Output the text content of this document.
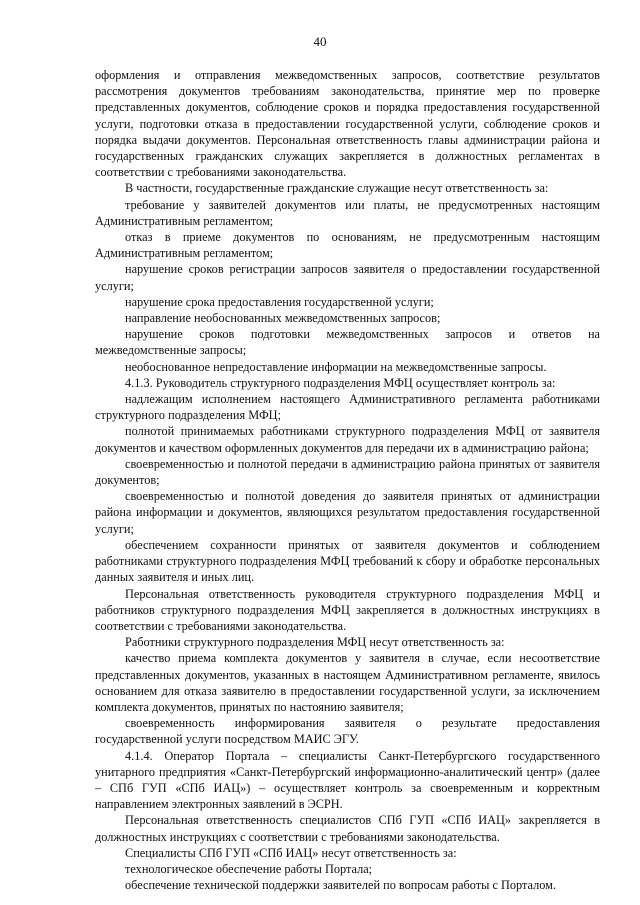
40

оформления и отправления межведомственных запросов, соответствие результатов рассмотрения документов требованиям законодательства, принятие мер по проверке представленных документов, соблюдение сроков и порядка предоставления государственной услуги, подготовки отказа в предоставлении государственной услуги, соблюдение сроков и порядка выдачи документов. Персональная ответственность главы администрации района и государственных гражданских служащих закрепляется в должностных регламентах в соответствии с требованиями законодательства.

В частности, государственные гражданские служащие несут ответственность за:

требование у заявителей документов или платы, не предусмотренных настоящим Административным регламентом;

отказ в приеме документов по основаниям, не предусмотренным настоящим Административным регламентом;

нарушение сроков регистрации запросов заявителя о предоставлении государственной услуги;

нарушение срока предоставления государственной услуги;

направление необоснованных межведомственных запросов;

нарушение сроков подготовки межведомственных запросов и ответов на межведомственные запросы;

необоснованное непредоставление информации на межведомственные запросы.

4.1.3. Руководитель структурного подразделения МФЦ осуществляет контроль за:

надлежащим исполнением настоящего Административного регламента работниками структурного подразделения МФЦ;

полнотой принимаемых работниками структурного подразделения МФЦ от заявителя документов и качеством оформленных документов для передачи их в администрацию района;

своевременностью и полнотой передачи в администрацию района принятых от заявителя документов;

своевременностью и полнотой доведения до заявителя принятых от администрации района информации и документов, являющихся результатом предоставления государственной услуги;

обеспечением сохранности принятых от заявителя документов и соблюдением работниками структурного подразделения МФЦ требований к сбору и обработке персональных данных заявителя и иных лиц.

Персональная ответственность руководителя структурного подразделения МФЦ и работников структурного подразделения МФЦ закрепляется в должностных инструкциях в соответствии с требованиями законодательства.

Работники структурного подразделения МФЦ несут ответственность за:

качество приема комплекта документов у заявителя в случае, если несоответствие представленных документов, указанных в настоящем Административном регламенте, явилось основанием для отказа заявителю в предоставлении государственной услуги, за исключением комплекта документов, принятых по настоянию заявителя;

своевременность информирования заявителя о результате предоставления государственной услуги посредством МАИС ЭГУ.

4.1.4. Оператор Портала – специалисты Санкт-Петербургского государственного унитарного предприятия «Санкт-Петербургский информационно-аналитический центр» (далее – СПб ГУП «СПб ИАЦ») – осуществляет контроль за своевременным и корректным направлением электронных заявлений в ЭСРН.

Персональная ответственность специалистов СПб ГУП «СПб ИАЦ» закрепляется в должностных инструкциях с соответствии с требованиями законодательства.

Специалисты СПб ГУП «СПб ИАЦ» несут ответственность за:

технологическое обеспечение работы Портала;

обеспечение технической поддержки заявителей по вопросам работы с Порталом.
